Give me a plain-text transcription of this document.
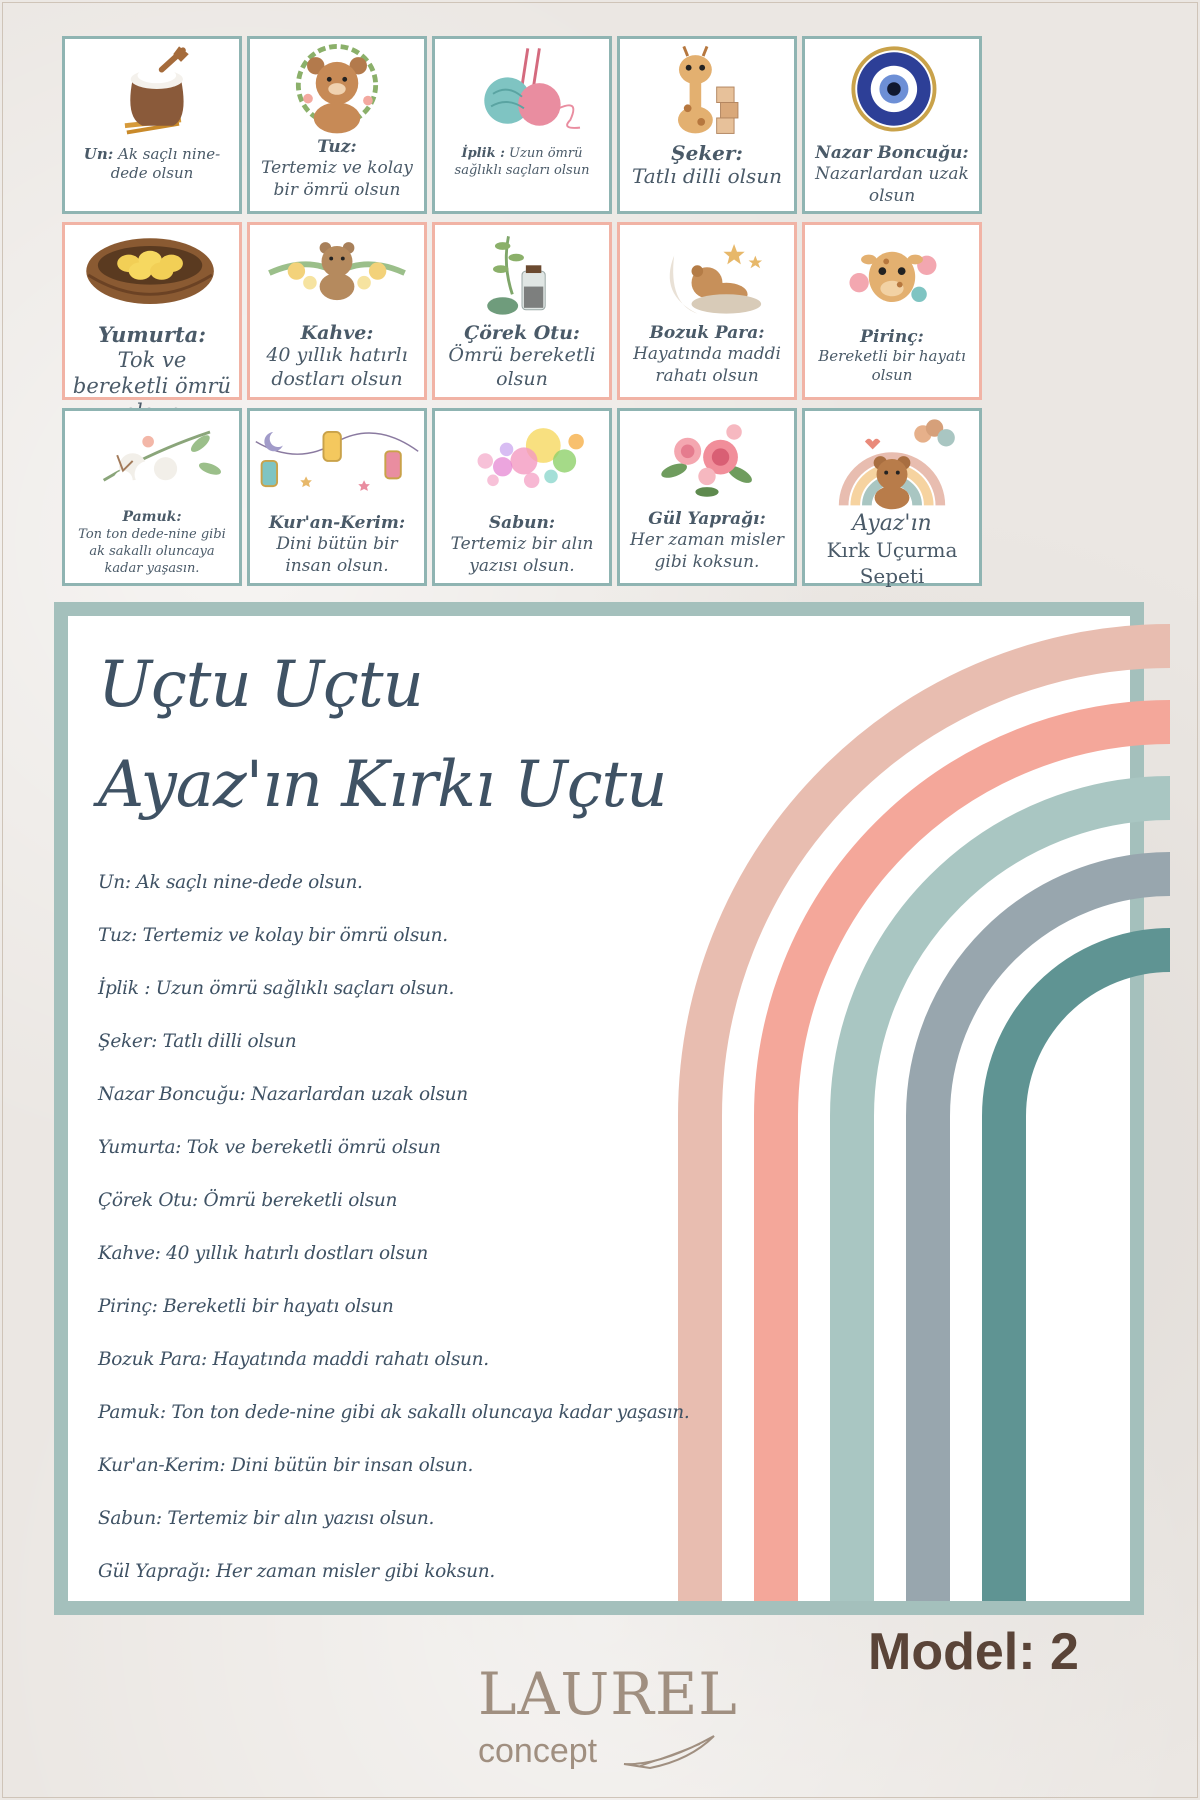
Un: Ak saçlı nine-dede olsun
Tuz:
Tertemiz ve kolay bir ömrü olsun
İplik : Uzun ömrü sağlıklı saçları olsun
Şeker:
Tatlı dilli olsun
Nazar Boncuğu:
Nazarlardan uzak olsun
Yumurta:
Tok ve bereketli ömrü
Kahve:
40 yıllık hatırlı dostları olsun
Çörek Otu:
Ömrü bereketli olsun
Bozuk Para:
Hayatında maddi rahatı olsun
Pirinç:
Bereketli bir hayatı olsun
Pamuk:
Ton ton dede-nine gibi ak sakallı oluncaya kadar yaşasın.
Kur'an-Kerim:
Dini bütün bir insan olsun.
Sabun:
Tertemiz bir alın yazısı olsun.
Gül Yaprağı:
Her zaman misler gibi koksun.
Ayaz'ın
Kırk Uçurma Sepeti
Uçtu Uçtu
Ayaz'ın Kırkı Uçtu
Un: Ak saçlı nine-dede olsun.
Tuz: Tertemiz ve kolay bir ömrü olsun.
İplik : Uzun ömrü sağlıklı saçları olsun.
Şeker: Tatlı dilli olsun
Nazar Boncuğu: Nazarlardan uzak olsun
Yumurta: Tok ve bereketli ömrü olsun
Çörek Otu: Ömrü bereketli olsun
Kahve: 40 yıllık hatırlı dostları olsun
Pirinç: Bereketli bir hayatı olsun
Bozuk Para: Hayatında maddi rahatı olsun.
Pamuk: Ton ton dede-nine gibi ak sakallı oluncaya kadar yaşasın.
Kur'an-Kerim: Dini bütün bir insan olsun.
Sabun: Tertemiz bir alın yazısı olsun.
Gül Yaprağı: Her zaman misler gibi koksun.
Model: 2
LAUREL
concept
